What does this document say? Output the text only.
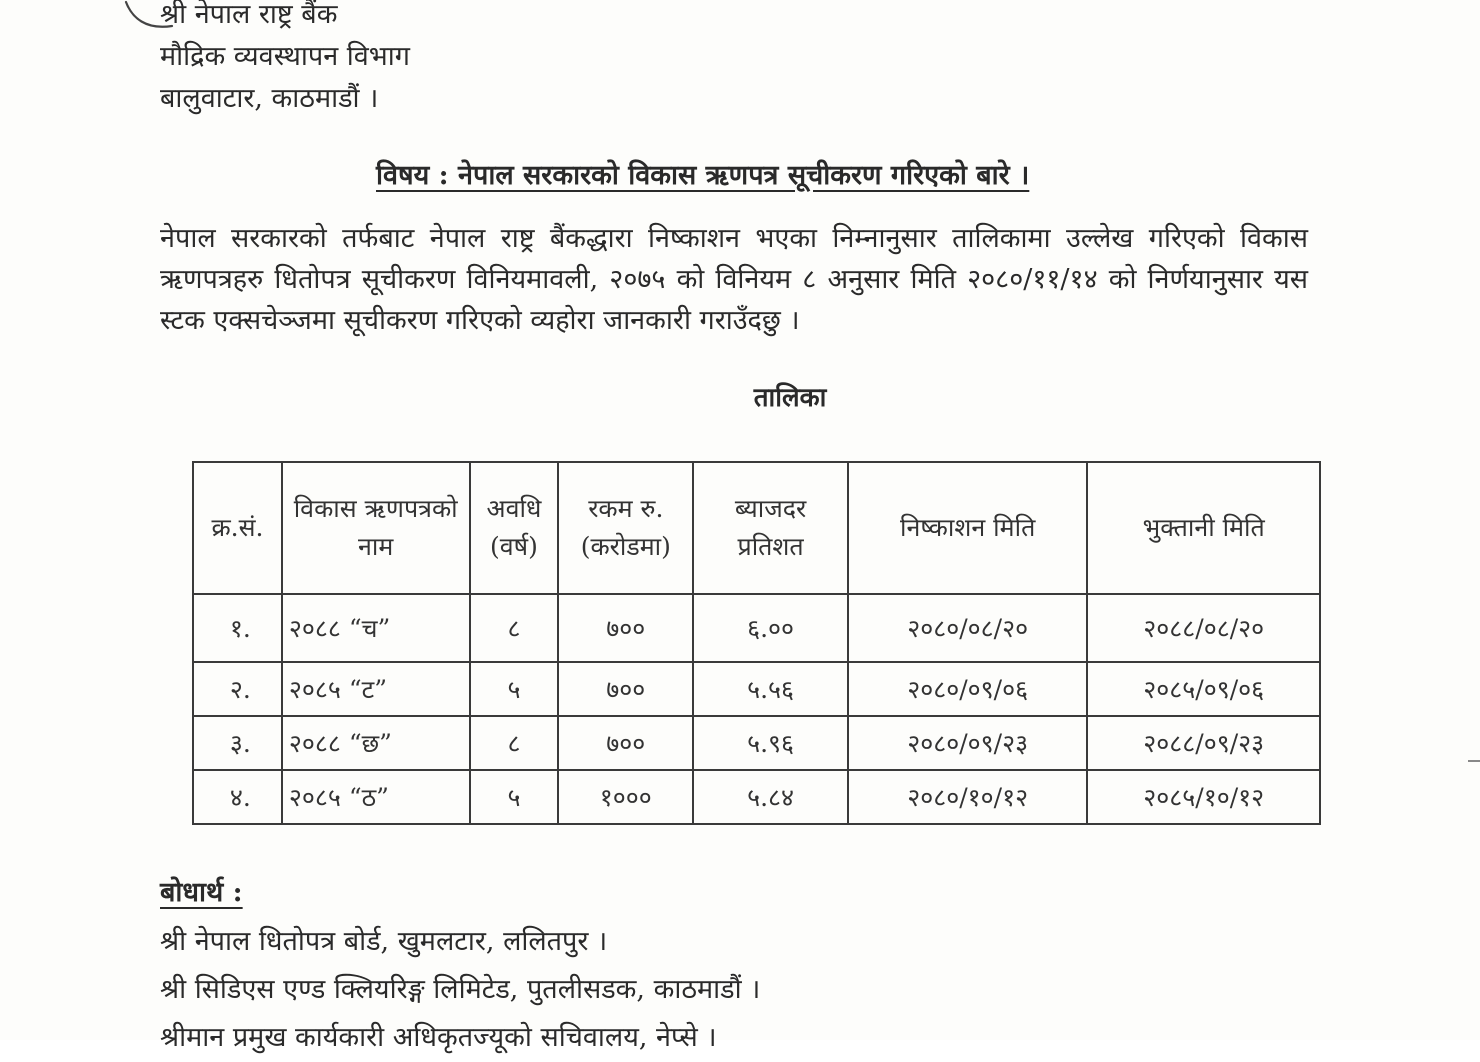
श्री नेपाल राष्ट्र बैंक
मौद्रिक व्यवस्थापन विभाग
बालुवाटार, काठमाडौं ।
विषय : नेपाल सरकारको विकास ऋणपत्र सूचीकरण गरिएको बारे ।
नेपाल सरकारको तर्फबाट नेपाल राष्ट्र बैंकद्धारा निष्काशन भएका निम्नानुसार तालिकामा उल्लेख गरिएको विकास ऋणपत्रहरु धितोपत्र सूचीकरण विनियमावली, २०७५ को विनियम ८ अनुसार मिति २०८०/११/१४ को निर्णयानुसार यस स्टक एक्सचेञ्जमा सूचीकरण गरिएको व्यहोरा जानकारी गराउँदछु ।
तालिका
क्र.सं.	विकास ऋणपत्रको नाम	अवधि (वर्ष)	रकम रु. (करोडमा)	ब्याजदर प्रतिशत	निष्काशन मिति	भुक्तानी मिति
१.	२०८८ “च”	८	७००	६.००	२०८०/०८/२०	२०८८/०८/२०
२.	२०८५ “ट”	५	७००	५.५६	२०८०/०९/०६	२०८५/०९/०६
३.	२०८८ “छ”	८	७००	५.९६	२०८०/०९/२३	२०८८/०९/२३
४.	२०८५ “ठ”	५	१०००	५.८४	२०८०/१०/१२	२०८५/१०/१२
बोधार्थ :
श्री नेपाल धितोपत्र बोर्ड, खुमलटार, ललितपुर ।
श्री सिडिएस एण्ड क्लियरिङ्ग लिमिटेड, पुतलीसडक, काठमाडौं ।
श्रीमान प्रमुख कार्यकारी अधिकृतज्यूको सचिवालय, नेप्से ।
